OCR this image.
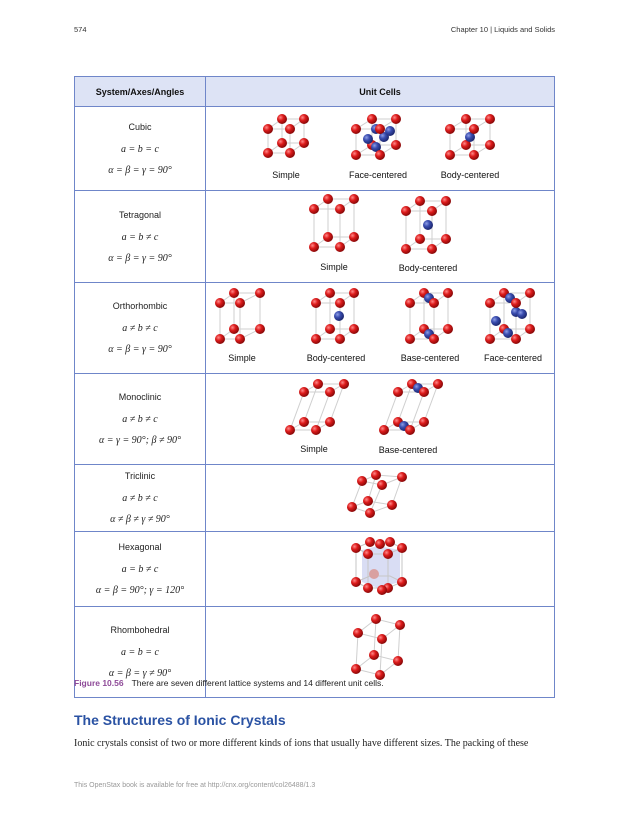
574	Chapter 10 | Liquids and Solids
System/Axes/Angles	Unit Cells

Cubic
a = b = c
α = β = γ = 90°	Simple Face-centered Body-centered

Tetragonal
a = b ≠ c
α = β = γ = 90°	Simple Body-centered

Orthorhombic
a ≠ b ≠ c
α = β = γ = 90°	Simple Body-centered Base-centered Face-centered

Monoclinic
a ≠ b ≠ c
α = γ = 90°; β ≠ 90°	Simple Base-centered

Triclinic
a ≠ b ≠ c
α ≠ β ≠ γ ≠ 90°

Hexagonal
a = b ≠ c
α = β = 90°; γ = 120°

Rhombohedral
a = b = c
α = β = γ ≠ 90°

Figure 10.56 There are seven different lattice systems and 14 different unit cells.
The Structures of Ionic Crystals

Ionic crystals consist of two or more different kinds of ions that usually have different sizes. The packing of these

This OpenStax book is available for free at http://cnx.org/content/col26488/1.3
